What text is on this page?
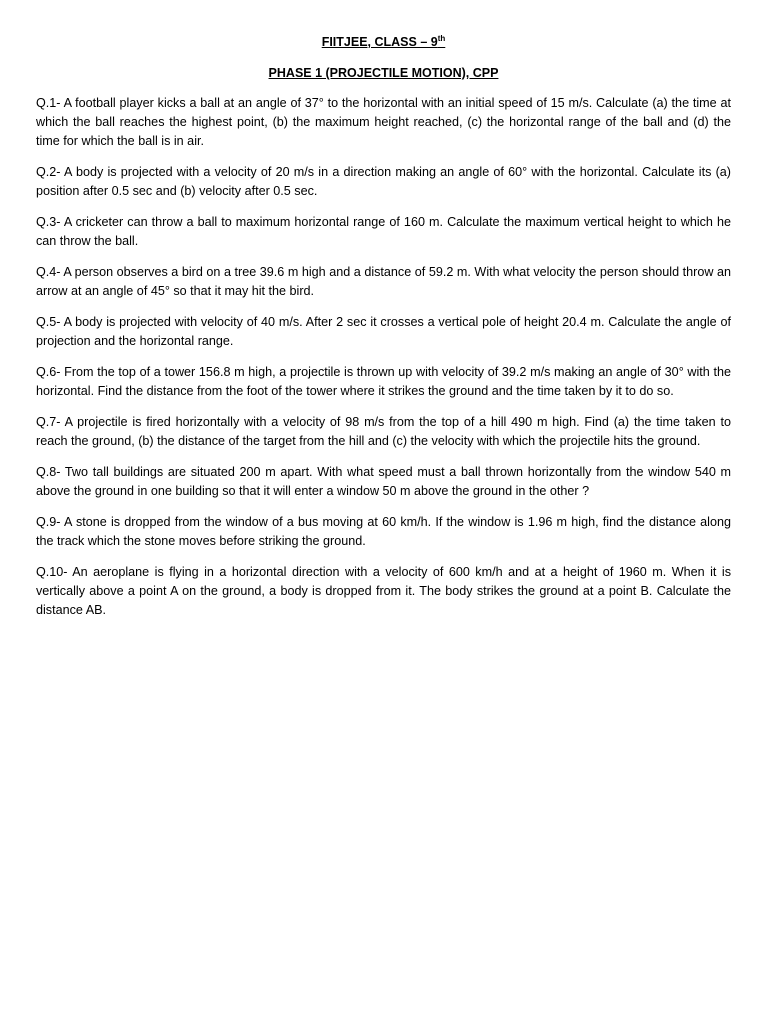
FIITJEE, CLASS – 9th

PHASE 1 (PROJECTILE MOTION), CPP

Q.1- A football player kicks a ball at an angle of 37° to the horizontal with an initial speed of 15 m/s. Calculate (a) the time at which the ball reaches the highest point, (b) the maximum height reached, (c) the horizontal range of the ball and (d) the time for which the ball is in air.
Q.2- A body is projected with a velocity of 20 m/s in a direction making an angle of 60° with the horizontal. Calculate its (a) position after 0.5 sec and (b) velocity after 0.5 sec.
Q.3- A cricketer can throw a ball to maximum horizontal range of 160 m. Calculate the maximum vertical height to which he can throw the ball.
Q.4- A person observes a bird on a tree 39.6 m high and a distance of 59.2 m. With what velocity the person should throw an arrow at an angle of 45° so that it may hit the bird.
Q.5- A body is projected with velocity of 40 m/s. After 2 sec it crosses a vertical pole of height 20.4 m. Calculate the angle of projection and the horizontal range.
Q.6- From the top of a tower 156.8 m high, a projectile is thrown up with velocity of 39.2 m/s making an angle of 30° with the horizontal. Find the distance from the foot of the tower where it strikes the ground and the time taken by it to do so.
Q.7- A projectile is fired horizontally with a velocity of 98 m/s from the top of a hill 490 m high. Find (a) the time taken to reach the ground, (b) the distance of the target from the hill and (c) the velocity with which the projectile hits the ground.
Q.8- Two tall buildings are situated 200 m apart. With what speed must a ball thrown horizontally from the window 540 m above the ground in one building so that it will enter a window 50 m above the ground in the other ?
Q.9- A stone is dropped from the window of a bus moving at 60 km/h. If the window is 1.96 m high, find the distance along the track which the stone moves before striking the ground.
Q.10- An aeroplane is flying in a horizontal direction with a velocity of 600 km/h and at a height of 1960 m. When it is vertically above a point A on the ground, a body is dropped from it. The body strikes the ground at a point B. Calculate the distance AB.
